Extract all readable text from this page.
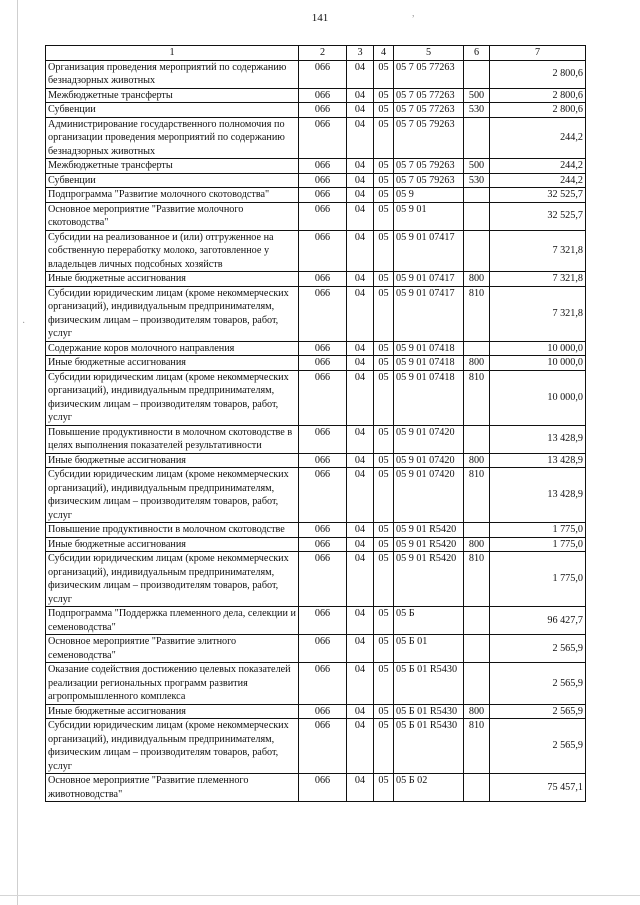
,
·
141
1	2	3	4	5	6	7
Организация проведения мероприятий по содержанию безнадзорных животных	066	04	05	05 7 05 77263		2 800,6
Межбюджетные трансферты	066	04	05	05 7 05 77263	500	2 800,6
Субвенции	066	04	05	05 7 05 77263	530	2 800,6
Администрирование государственного полномочия по организации проведения мероприятий по содержанию безнадзорных животных	066	04	05	05 7 05 79263		244,2
Межбюджетные трансферты	066	04	05	05 7 05 79263	500	244,2
Субвенции	066	04	05	05 7 05 79263	530	244,2
Подпрограмма "Развитие молочного скотоводства"	066	04	05	05 9		32 525,7
Основное мероприятие "Развитие молочного скотоводства"	066	04	05	05 9 01		32 525,7
Субсидии на реализованное и (или) отгруженное на собственную переработку молоко, заготовленное у владельцев личных подсобных хозяйств	066	04	05	05 9 01 07417		7 321,8
Иные бюджетные ассигнования	066	04	05	05 9 01 07417	800	7 321,8
Субсидии юридическим лицам (кроме некоммерческих организаций), индивидуальным предпринимателям, физическим лицам – производителям товаров, работ, услуг	066	04	05	05 9 01 07417	810	7 321,8
Содержание коров молочного направления	066	04	05	05 9 01 07418		10 000,0
Иные бюджетные ассигнования	066	04	05	05 9 01 07418	800	10 000,0
Субсидии юридическим лицам (кроме некоммерческих организаций), индивидуальным предпринимателям, физическим лицам – производителям товаров, работ, услуг	066	04	05	05 9 01 07418	810	10 000,0
Повышение продуктивности в молочном скотоводстве в целях выполнения показателей результативности	066	04	05	05 9 01 07420		13 428,9
Иные бюджетные ассигнования	066	04	05	05 9 01 07420	800	13 428,9
Субсидии юридическим лицам (кроме некоммерческих организаций), индивидуальным предпринимателям, физическим лицам – производителям товаров, работ, услуг	066	04	05	05 9 01 07420	810	13 428,9
Повышение продуктивности в молочном скотоводстве	066	04	05	05 9 01 R5420		1 775,0
Иные бюджетные ассигнования	066	04	05	05 9 01 R5420	800	1 775,0
Субсидии юридическим лицам (кроме некоммерческих организаций), индивидуальным предпринимателям, физическим лицам – производителям товаров, работ, услуг	066	04	05	05 9 01 R5420	810	1 775,0
Подпрограмма "Поддержка племенного дела, селекции и семеноводства"	066	04	05	05 Б		96 427,7
Основное мероприятие "Развитие элитного семеноводства"	066	04	05	05 Б 01		2 565,9
Оказание содействия достижению целевых показателей реализации региональных программ развития агропромышленного комплекса	066	04	05	05 Б 01 R5430		2 565,9
Иные бюджетные ассигнования	066	04	05	05 Б 01 R5430	800	2 565,9
Субсидии юридическим лицам (кроме некоммерческих организаций), индивидуальным предпринимателям, физическим лицам – производителям товаров, работ, услуг	066	04	05	05 Б 01 R5430	810	2 565,9
Основное мероприятие "Развитие племенного животноводства"	066	04	05	05 Б 02		75 457,1
